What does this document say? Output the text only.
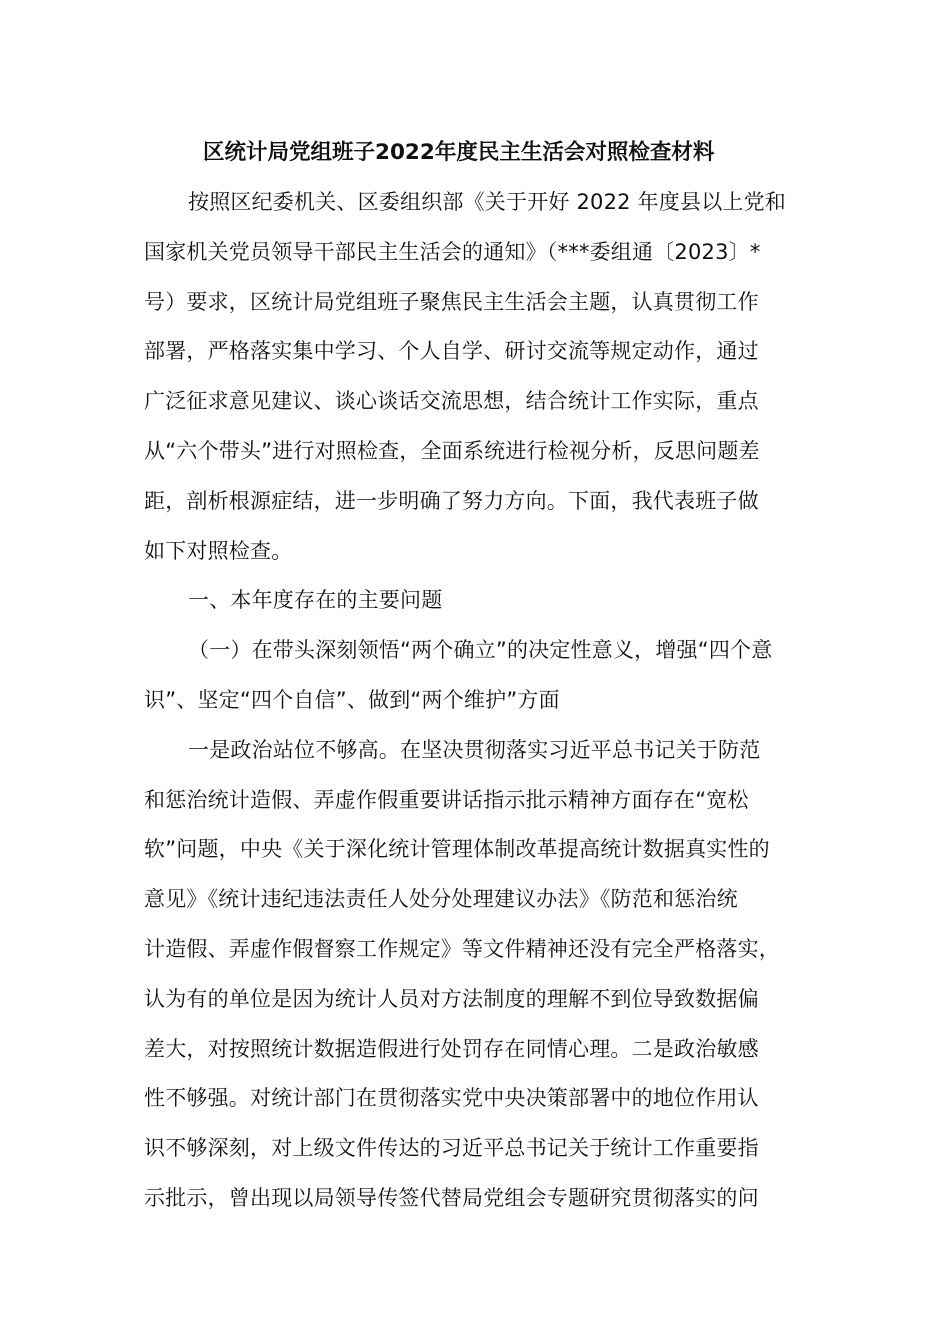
区统计局党组班子2022年度民主生活会对照检查材料
按照区纪委机关、区委组织部《关于开好 2022 年度县以上党和
国家机关党员领导干部民主生活会的通知》（***委组通〔2023〕*
号）要求，区统计局党组班子聚焦民主生活会主题，认真贯彻工作
部署，严格落实集中学习、个人自学、研讨交流等规定动作，通过
广泛征求意见建议、谈心谈话交流思想，结合统计工作实际，重点
从“六个带头”进行对照检查，全面系统进行检视分析，反思问题差
距，剖析根源症结，进一步明确了努力方向。下面，我代表班子做
如下对照检查。
一、本年度存在的主要问题
（一）在带头深刻领悟“两个确立”的决定性意义，增强“四个意
识”、坚定“四个自信”、做到“两个维护”方面
一是政治站位不够高。在坚决贯彻落实习近平总书记关于防范
和惩治统计造假、弄虚作假重要讲话指示批示精神方面存在“宽松
软”问题，中央《关于深化统计管理体制改革提高统计数据真实性的
意见》《统计违纪违法责任人处分处理建议办法》《防范和惩治统
计造假、弄虚作假督察工作规定》等文件精神还没有完全严格落实，
认为有的单位是因为统计人员对方法制度的理解不到位导致数据偏
差大，对按照统计数据造假进行处罚存在同情心理。二是政治敏感
性不够强。对统计部门在贯彻落实党中央决策部署中的地位作用认
识不够深刻，对上级文件传达的习近平总书记关于统计工作重要指
示批示，曾出现以局领导传签代替局党组会专题研究贯彻落实的问
